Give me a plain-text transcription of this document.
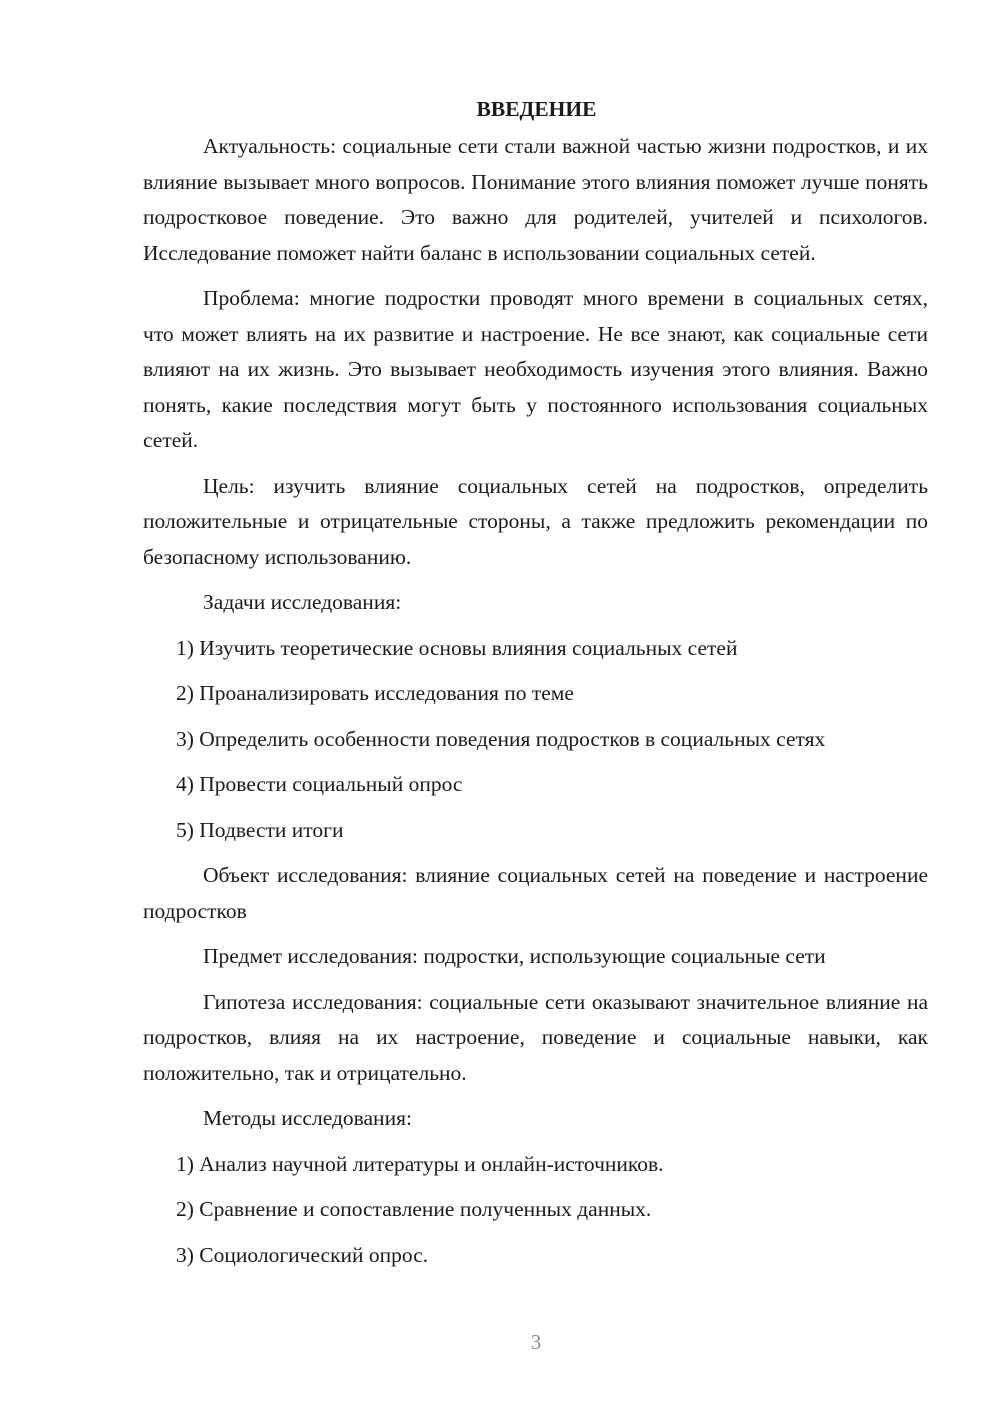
ВВЕДЕНИЕ

Актуальность: социальные сети стали важной частью жизни подростков, и их влияние вызывает много вопросов. Понимание этого влияния поможет лучше понять подростковое поведение. Это важно для родителей, учителей и психологов. Исследование поможет найти баланс в использовании социальных сетей.

Проблема: многие подростки проводят много времени в социальных сетях, что может влиять на их развитие и настроение. Не все знают, как социальные сети влияют на их жизнь. Это вызывает необходимость изучения этого влияния. Важно понять, какие последствия могут быть у постоянного использования социальных сетей.

Цель: изучить влияние социальных сетей на подростков, определить положительные и отрицательные стороны, а также предложить рекомендации по безопасному использованию.

Задачи исследования:

1) Изучить теоретические основы влияния социальных сетей

2) Проанализировать исследования по теме

3) Определить особенности поведения подростков в социальных сетях

4) Провести социальный опрос

5) Подвести итоги

Объект исследования: влияние социальных сетей на поведение и настроение подростков

Предмет исследования: подростки, использующие социальные сети

Гипотеза исследования: социальные сети оказывают значительное влияние на подростков, влияя на их настроение, поведение и социальные навыки, как положительно, так и отрицательно.

Методы исследования:

1) Анализ научной литературы и онлайн-источников.

2) Сравнение и сопоставление полученных данных.

3) Социологический опрос.

3
